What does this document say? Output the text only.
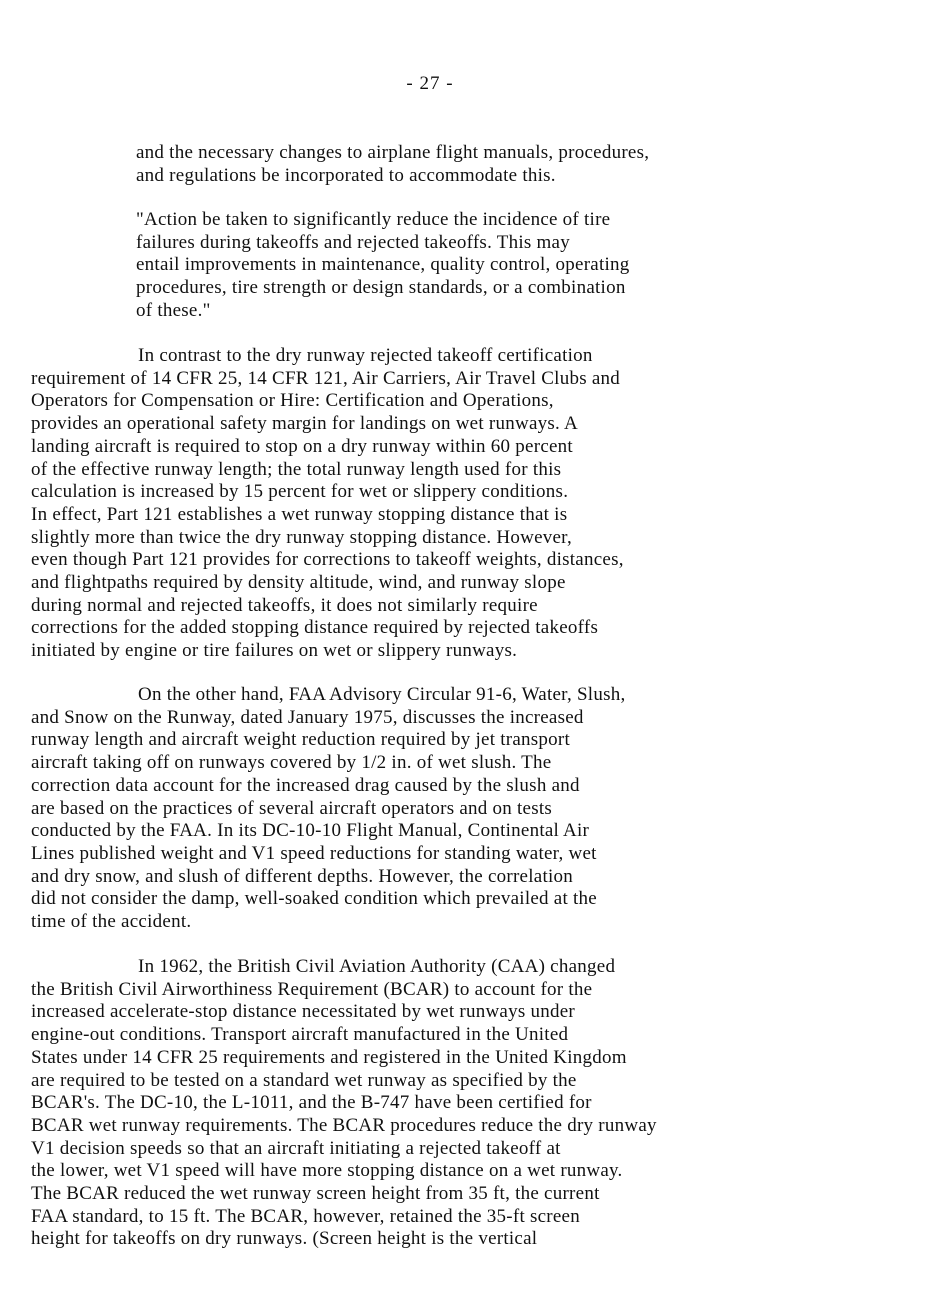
- 27 -
and the necessary changes to airplane flight manuals, procedures,
and regulations be incorporated to accommodate this.
"Action be taken to significantly reduce the incidence of tire
failures during takeoffs and rejected takeoffs. This may
entail improvements in maintenance, quality control, operating
procedures, tire strength or design standards, or a combination
of these."
In contrast to the dry runway rejected takeoff certification
requirement of 14 CFR 25, 14 CFR 121, Air Carriers, Air Travel Clubs and
Operators for Compensation or Hire: Certification and Operations,
provides an operational safety margin for landings on wet runways. A
landing aircraft is required to stop on a dry runway within 60 percent
of the effective runway length; the total runway length used for this
calculation is increased by 15 percent for wet or slippery conditions.
In effect, Part 121 establishes a wet runway stopping distance that is
slightly more than twice the dry runway stopping distance. However,
even though Part 121 provides for corrections to takeoff weights, distances,
and flightpaths required by density altitude, wind, and runway slope
during normal and rejected takeoffs, it does not similarly require
corrections for the added stopping distance required by rejected takeoffs
initiated by engine or tire failures on wet or slippery runways.
On the other hand, FAA Advisory Circular 91-6, Water, Slush,
and Snow on the Runway, dated January 1975, discusses the increased
runway length and aircraft weight reduction required by jet transport
aircraft taking off on runways covered by 1/2 in. of wet slush. The
correction data account for the increased drag caused by the slush and
are based on the practices of several aircraft operators and on tests
conducted by the FAA. In its DC-10-10 Flight Manual, Continental Air
Lines published weight and V1 speed reductions for standing water, wet
and dry snow, and slush of different depths. However, the correlation
did not consider the damp, well-soaked condition which prevailed at the
time of the accident.
In 1962, the British Civil Aviation Authority (CAA) changed
the British Civil Airworthiness Requirement (BCAR) to account for the
increased accelerate-stop distance necessitated by wet runways under
engine-out conditions. Transport aircraft manufactured in the United
States under 14 CFR 25 requirements and registered in the United Kingdom
are required to be tested on a standard wet runway as specified by the
BCAR's. The DC-10, the L-1011, and the B-747 have been certified for
BCAR wet runway requirements. The BCAR procedures reduce the dry runway
V1 decision speeds so that an aircraft initiating a rejected takeoff at
the lower, wet V1 speed will have more stopping distance on a wet runway.
The BCAR reduced the wet runway screen height from 35 ft, the current
FAA standard, to 15 ft. The BCAR, however, retained the 35-ft screen
height for takeoffs on dry runways. (Screen height is the vertical
